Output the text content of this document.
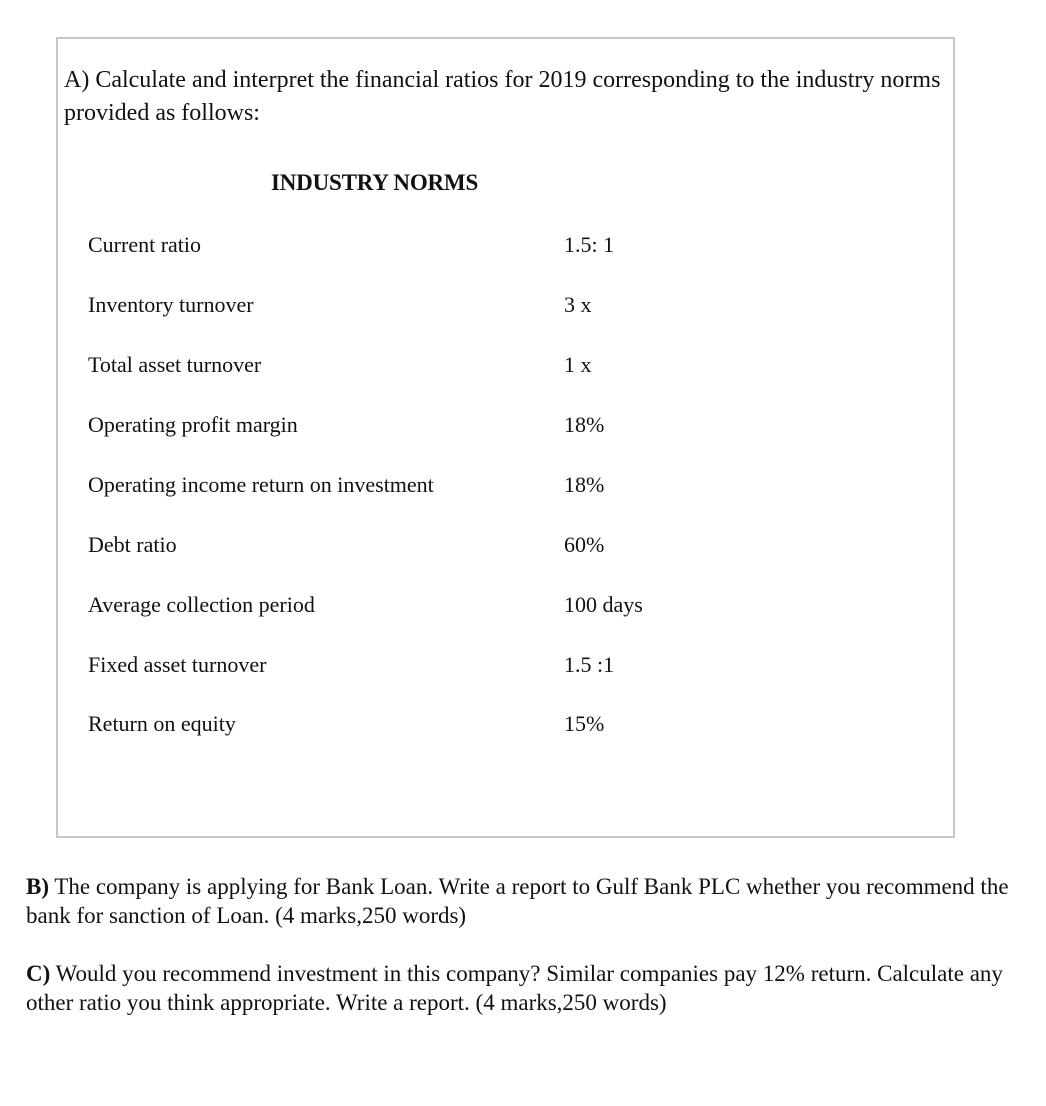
A) Calculate and interpret the financial ratios for 2019 corresponding to the industry norms provided as follows:

INDUSTRY NORMS

Current ratio	1.5: 1

Inventory turnover	3 x

Total asset turnover	1 x

Operating profit margin	18%

Operating income return on investment	18%

Debt ratio	60%

Average collection period	100 days

Fixed asset turnover	1.5 :1

Return on equity	15%

B) The company is applying for Bank Loan. Write a report to Gulf Bank PLC whether you recommend the bank for sanction of Loan. (4 marks,250 words)

C) Would you recommend investment in this company? Similar companies pay 12% return. Calculate any other ratio you think appropriate. Write a report. (4 marks,250 words)
